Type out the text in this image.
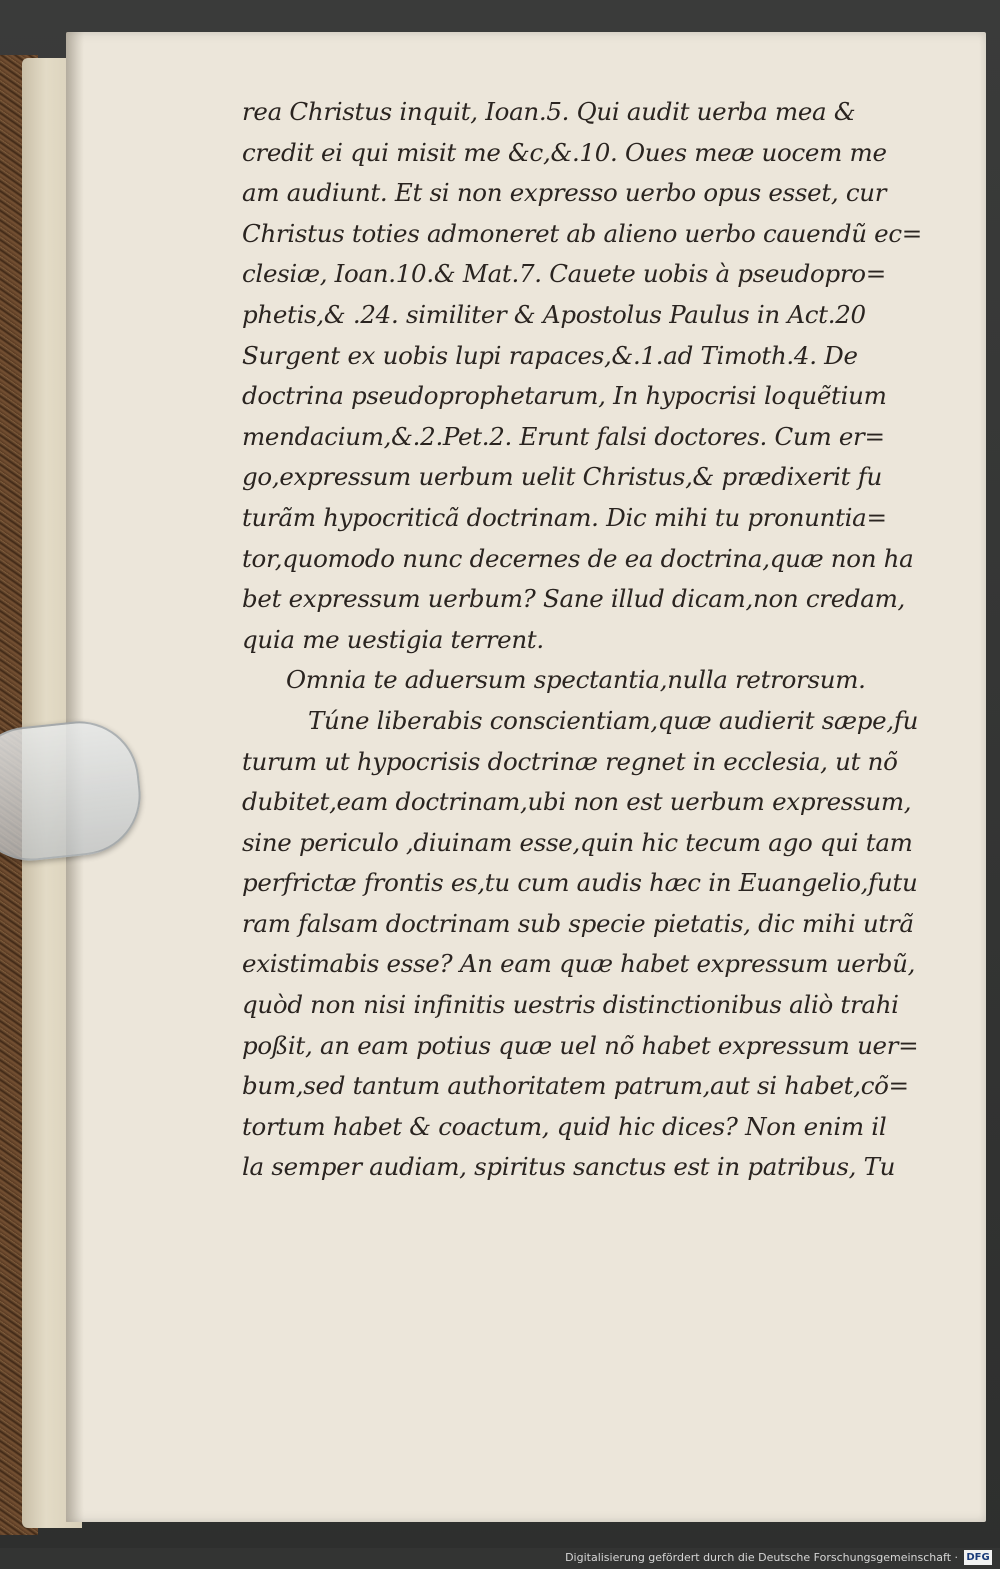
rea Christus inquit, Ioan.5. Qui audit uerba mea &
credit ei qui misit me &c,&.10. Oues meæ uocem me
am audiunt. Et si non expresso uerbo opus esset, cur
Christus toties admoneret ab alieno uerbo cauendũ ec=
clesiæ, Ioan.10.& Mat.7. Cauete uobis à pseudopro=
phetis,& .24. similiter & Apostolus Paulus in Act.20
Surgent ex uobis lupi rapaces,&.1.ad Timoth.4. De
doctrina pseudoprophetarum, In hypocrisi loquẽtium
mendacium,&.2.Pet.2. Erunt falsi doctores. Cum er=
go,expressum uerbum uelit Christus,& prædixerit fu
turãm hypocriticã doctrinam. Dic mihi tu pronuntia=
tor,quomodo nunc decernes de ea doctrina,quæ non ha
bet expressum uerbum? Sane illud dicam,non credam,
quia me uestigia terrent.
Omnia te aduersum spectantia,nulla retrorsum.
Túne liberabis conscientiam,quæ audierit sæpe,fu
turum ut hypocrisis doctrinæ regnet in ecclesia, ut nõ
dubitet,eam doctrinam,ubi non est uerbum expressum,
sine periculo ,diuinam esse,quin hic tecum ago qui tam
perfrictæ frontis es,tu cum audis hæc in Euangelio,futu
ram falsam doctrinam sub specie pietatis, dic mihi utrã
existimabis esse? An eam quæ habet expressum uerbũ,
quòd non nisi infinitis uestris distinctionibus aliò trahi
poßit, an eam potius quæ uel nõ habet expressum uer=
bum,sed tantum authoritatem patrum,aut si habet,cõ=
tortum habet & coactum, quid hic dices? Non enim il
la semper audiam, spiritus sanctus est in patribus, Tu
Digitalisierung gefördert durch die Deutsche Forschungsgemeinschaft · DFG
